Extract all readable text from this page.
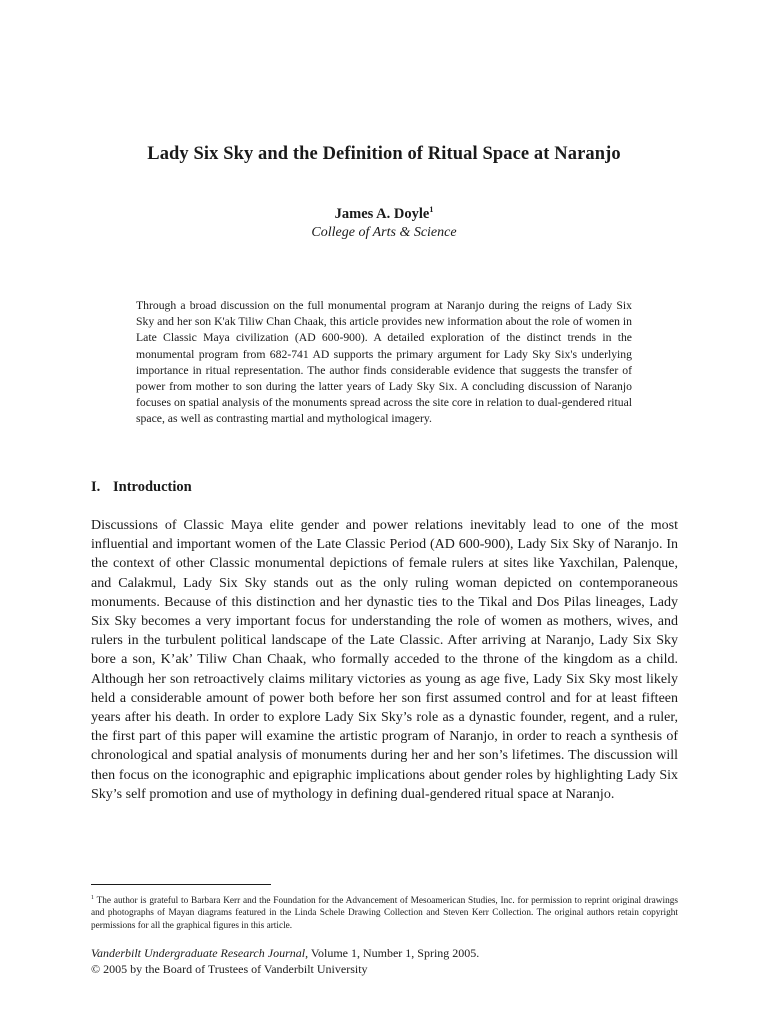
Lady Six Sky and the Definition of Ritual Space at Naranjo
James A. Doyle$^1$
College of Arts & Science
Through a broad discussion on the full monumental program at Naranjo during the reigns of Lady Six Sky and her son K'ak Tiliw Chan Chaak, this article provides new information about the role of women in Late Classic Maya civilization (AD 600-900). A detailed exploration of the distinct trends in the monumental program from 682-741 AD supports the primary argument for Lady Sky Six's underlying importance in ritual representation. The author finds considerable evidence that suggests the transfer of power from mother to son during the latter years of Lady Sky Six. A concluding discussion of Naranjo focuses on spatial analysis of the monuments spread across the site core in relation to dual-gendered ritual space, as well as contrasting martial and mythological imagery.
I. Introduction
Discussions of Classic Maya elite gender and power relations inevitably lead to one of the most influential and important women of the Late Classic Period (AD 600-900), Lady Six Sky of Naranjo. In the context of other Classic monumental depictions of female rulers at sites like Yaxchilan, Palenque, and Calakmul, Lady Six Sky stands out as the only ruling woman depicted on contemporaneous monuments. Because of this distinction and her dynastic ties to the Tikal and Dos Pilas lineages, Lady Six Sky becomes a very important focus for understanding the role of women as mothers, wives, and rulers in the turbulent political landscape of the Late Classic. After arriving at Naranjo, Lady Six Sky bore a son, K’ak’ Tiliw Chan Chaak, who formally acceded to the throne of the kingdom as a child. Although her son retroactively claims military victories as young as age five, Lady Six Sky most likely held a considerable amount of power both before her son first assumed control and for at least fifteen years after his death. In order to explore Lady Six Sky’s role as a dynastic founder, regent, and a ruler, the first part of this paper will examine the artistic program of Naranjo, in order to reach a synthesis of chronological and spatial analysis of monuments during her and her son’s lifetimes. The discussion will then focus on the iconographic and epigraphic implications about gender roles by highlighting Lady Six Sky’s self promotion and use of mythology in defining dual-gendered ritual space at Naranjo.
$^1$ The author is grateful to Barbara Kerr and the Foundation for the Advancement of Mesoamerican Studies, Inc. for permission to reprint original drawings and photographs of Mayan diagrams featured in the Linda Schele Drawing Collection and Steven Kerr Collection. The original authors retain copyright permissions for all the graphical figures in this article.
Vanderbilt Undergraduate Research Journal, Volume 1, Number 1, Spring 2005.
© 2005 by the Board of Trustees of Vanderbilt University
